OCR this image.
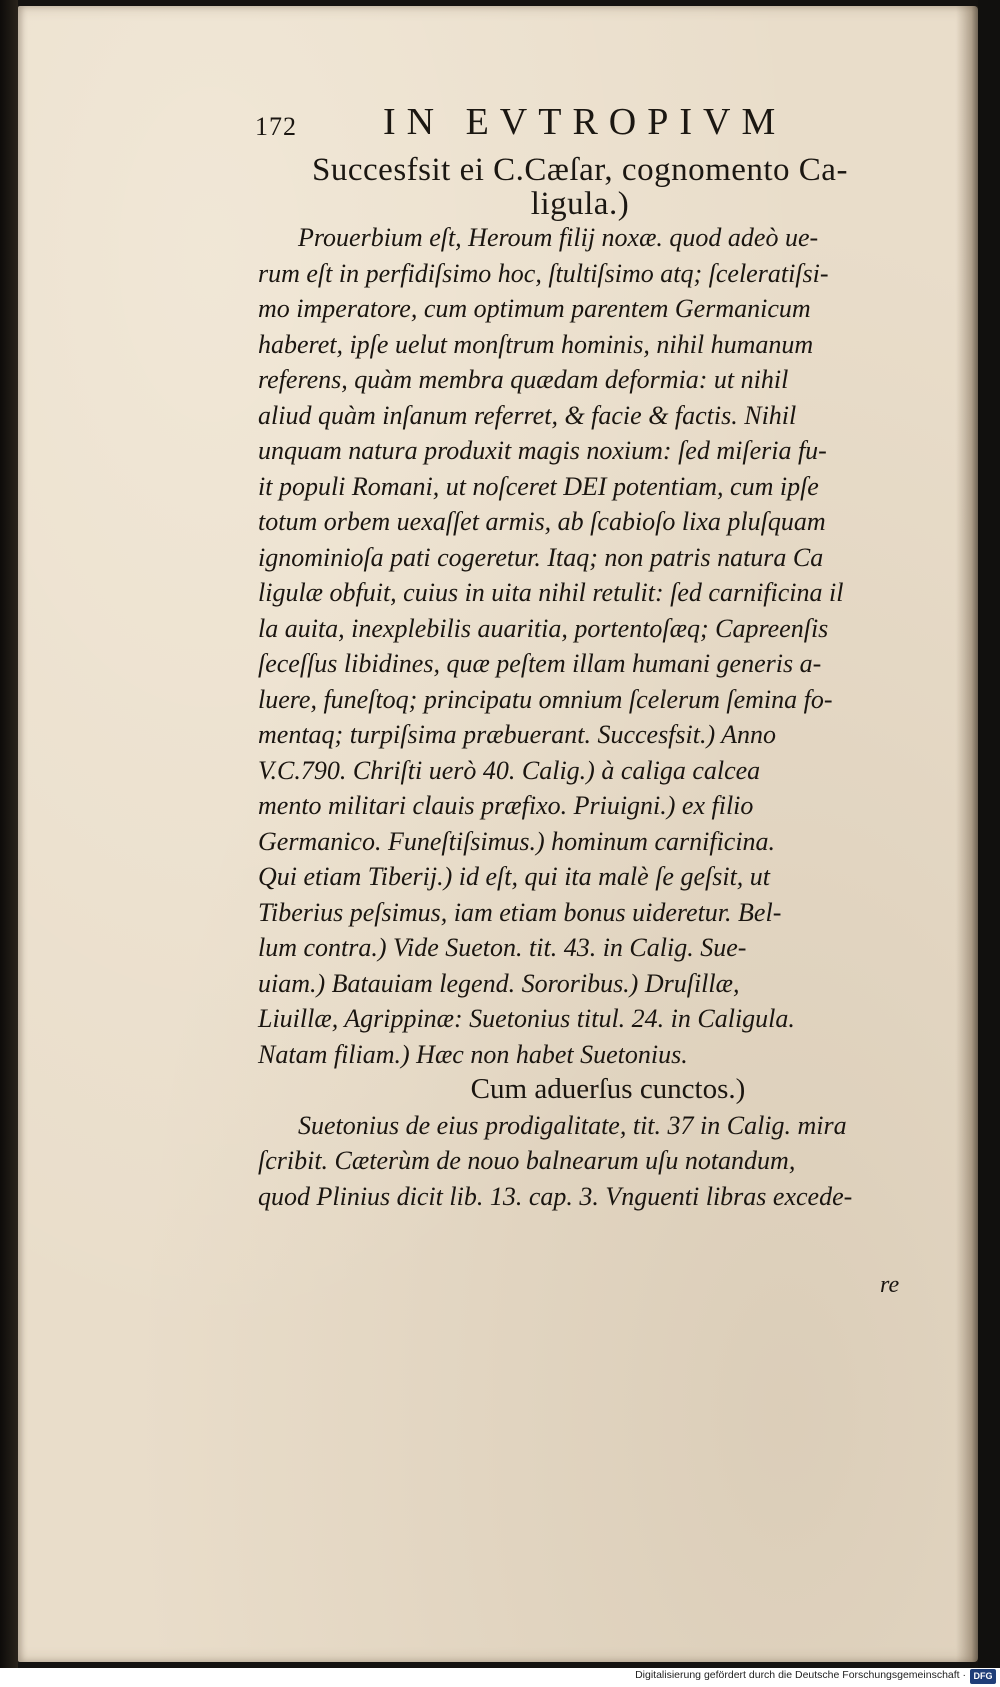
172 IN EVTROPIVM
Succesfsit ei C.Cæſar, cognomento Ca-
ligula.)
Prouerbium eſt, Heroum filij noxæ. quod adeò ue-
rum eſt in perfidiſsimo hoc, ſtultiſsimo atq; ſceleratiſsi-
mo imperatore, cum optimum parentem Germanicum
haberet, ipſe uelut monſtrum hominis, nihil humanum
referens, quàm membra quædam deformia: ut nihil
aliud quàm inſanum referret, & facie & factis. Nihil
unquam natura produxit magis noxium: ſed miſeria fu-
it populi Romani, ut noſceret DEI potentiam, cum ipſe
totum orbem uexaſſet armis, ab ſcabioſo lixa pluſquam
ignominioſa pati cogeretur. Itaq; non patris natura Ca
ligulæ obfuit, cuius in uita nihil retulit: ſed carnificina il
la auita, inexplebilis auaritia, portentoſæq; Capreenſis
ſeceſſus libidines, quæ peſtem illam humani generis a-
luere, funeſtoq; principatu omnium ſcelerum ſemina fo-
mentaq; turpiſsima præbuerant. Succesfsit.) Anno
V.C.790. Chriſti uerò 40. Calig.) à caliga calcea
mento militari clauis præfixo. Priuigni.) ex filio
Germanico. Funeſtiſsimus.) hominum carnificina.
Qui etiam Tiberij.) id eſt, qui ita malè ſe geſsit, ut
Tiberius peſsimus, iam etiam bonus uideretur. Bel-
lum contra.) Vide Sueton. tit. 43. in Calig. Sue-
uiam.) Batauiam legend. Sororibus.) Druſillæ,
Liuillæ, Agrippinæ: Suetonius titul. 24. in Caligula.
Natam filiam.) Hæc non habet Suetonius.
Cum aduerſus cunctos.)
Suetonius de eius prodigalitate, tit. 37 in Calig. mira
ſcribit. Cæterùm de nouo balnearum uſu notandum,
quod Plinius dicit lib. 13. cap. 3. Vnguenti libras excede-
re
Digitalisierung gefördert durch die Deutsche Forschungsgemeinschaft · DFG
